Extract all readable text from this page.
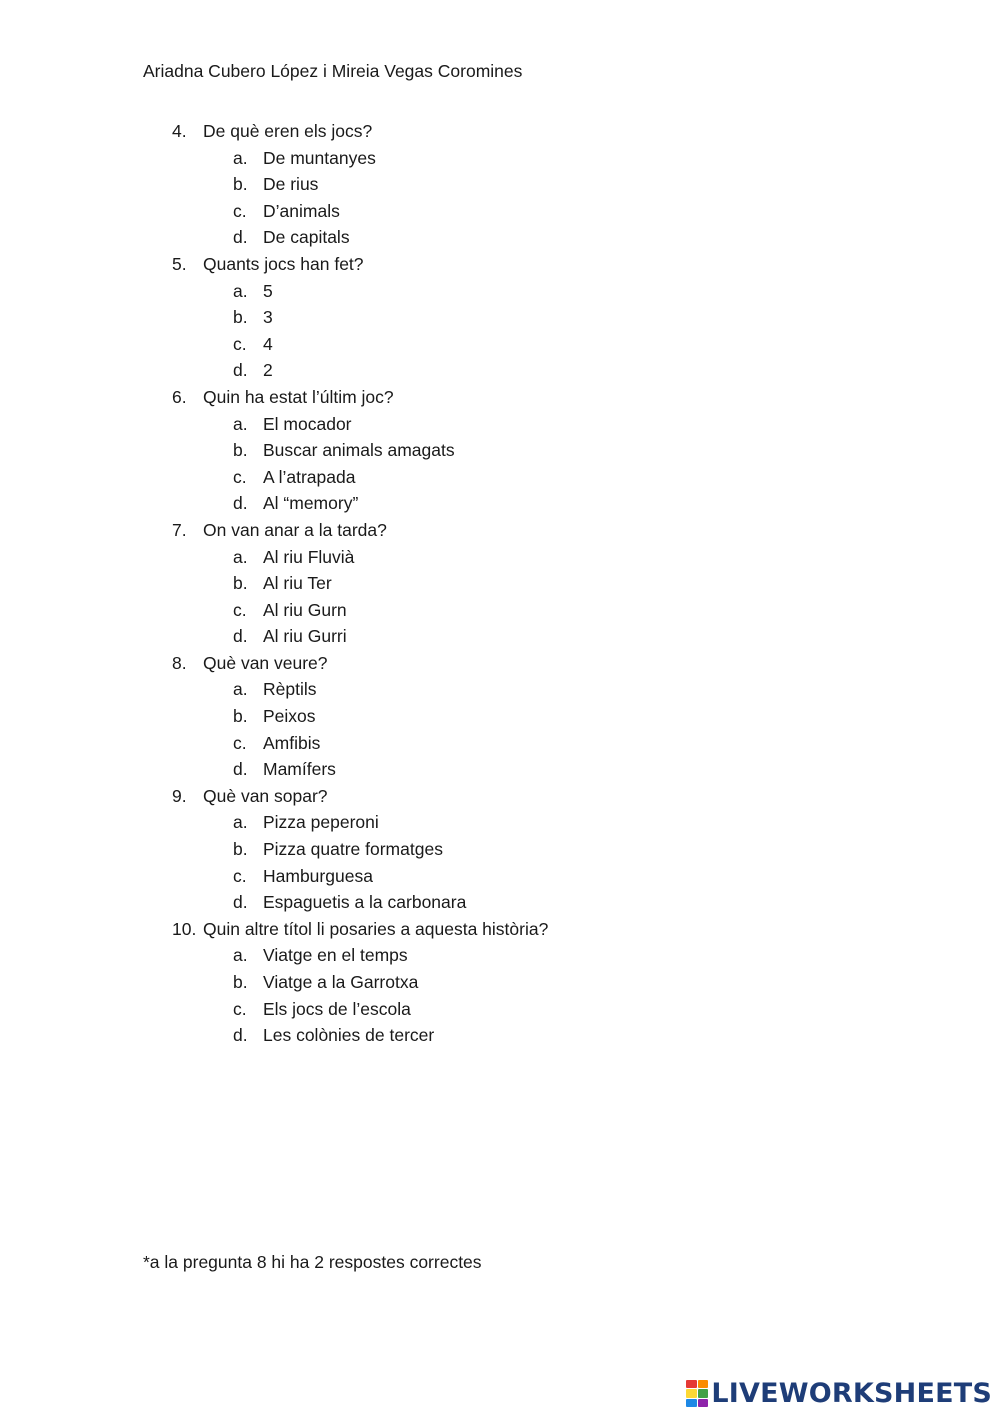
Ariadna Cubero López i Mireia Vegas Coromines
4. De què eren els jocs?
a. De muntanyes
b. De rius
c. D’animals
d. De capitals
5. Quants jocs han fet?
a. 5
b. 3
c. 4
d. 2
6. Quin ha estat l’últim joc?
a. El mocador
b. Buscar animals amagats
c. A l’atrapada
d. Al “memory”
7. On van anar a la tarda?
a. Al riu Fluvià
b. Al riu Ter
c. Al riu Gurn
d. Al riu Gurri
8. Què van veure?
a. Rèptils
b. Peixos
c. Amfibis
d. Mamífers
9. Què van sopar?
a. Pizza peperoni
b. Pizza quatre formatges
c. Hamburguesa
d. Espaguetis a la carbonara
10. Quin altre títol li posaries a aquesta història?
a. Viatge en el temps
b. Viatge a la Garrotxa
c. Els jocs de l’escola
d. Les colònies de tercer
*a la pregunta 8 hi ha 2 respostes correctes
LIVEWORKSHEETS
